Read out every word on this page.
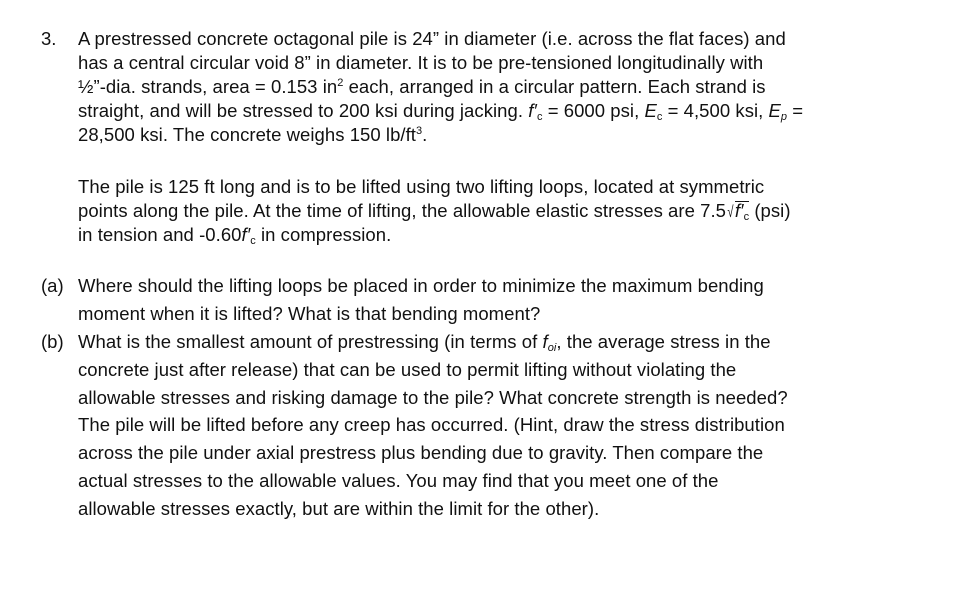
3. A prestressed concrete octagonal pile is 24” in diameter (i.e. across the flat faces) and
has a central circular void 8” in diameter. It is to be pre-tensioned longitudinally with
½”-dia. strands, area = 0.153 $in^2$ each, arranged in a circular pattern. Each strand is
straight, and will be stressed to 200 ksi during jacking. $f'_c = 6000$ psi, $E_c = 4,500$ ksi, $E_p$ =
28,500 ksi. The concrete weighs 150 $lb/ft^3$.
The pile is 125 ft long and is to be lifted using two lifting loops, located at symmetric
points along the pile. At the time of lifting, the allowable elastic stresses are $7.5√f'_c$ (psi)
in tension and $-0.60f'_c$ in compression.
(a) Where should the lifting loops be placed in order to minimize the maximum bending
moment when it is lifted? What is that bending moment?
(b) What is the smallest amount of prestressing (in terms of $f_{oi}$, the average stress in the
concrete just after release) that can be used to permit lifting without violating the
allowable stresses and risking damage to the pile? What concrete strength is needed?
The pile will be lifted before any creep has occurred. (Hint, draw the stress distribution
across the pile under axial prestress plus bending due to gravity. Then compare the
actual stresses to the allowable values. You may find that you meet one of the
allowable stresses exactly, but are within the limit for the other).
